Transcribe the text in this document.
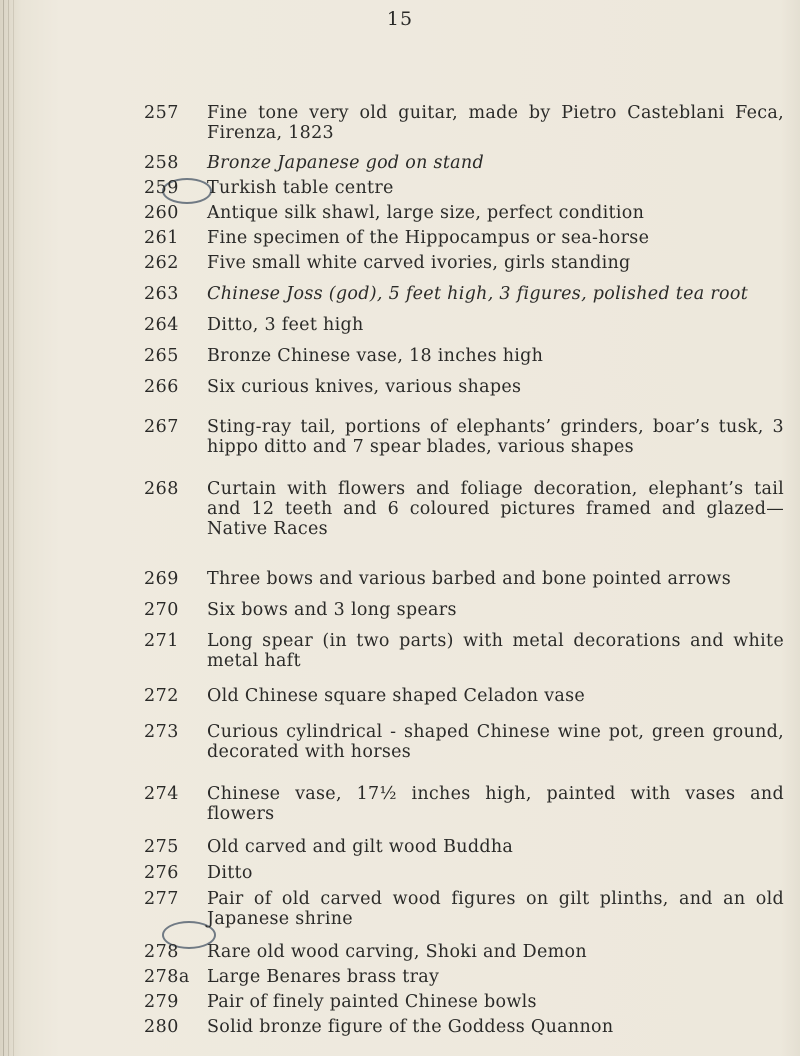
15
257	Fine tone very old guitar, made by Pietro Casteblani Feca, Firenza, 1823
258	Bronze Japanese god on stand
259	Turkish table centre
260	Antique silk shawl, large size, perfect condition
261	Fine specimen of the Hippocampus or sea-horse
262	Five small white carved ivories, girls standing
263	Chinese Joss (god), 5 feet high, 3 figures, polished tea root
264	Ditto, 3 feet high
265	Bronze Chinese vase, 18 inches high
266	Six curious knives, various shapes
267	Sting-ray tail, portions of elephants’ grinders, boar’s tusk, 3 hippo ditto and 7 spear blades, various shapes
268	Curtain with flowers and foliage decoration, elephant’s tail and 12 teeth and 6 coloured pictures framed and glazed—Native Races
269	Three bows and various barbed and bone pointed arrows
270	Six bows and 3 long spears
271	Long spear (in two parts) with metal decorations and white metal haft
272	Old Chinese square shaped Celadon vase
273	Curious cylindrical - shaped Chinese wine pot, green ground, decorated with horses
274	Chinese vase, 17½ inches high, painted with vases and flowers
275	Old carved and gilt wood Buddha
276	Ditto
277	Pair of old carved wood figures on gilt plinths, and an old Japanese shrine
278	Rare old wood carving, Shoki and Demon
278a Large Benares brass tray
279	Pair of finely painted Chinese bowls
280	Solid bronze figure of the Goddess Quannon
